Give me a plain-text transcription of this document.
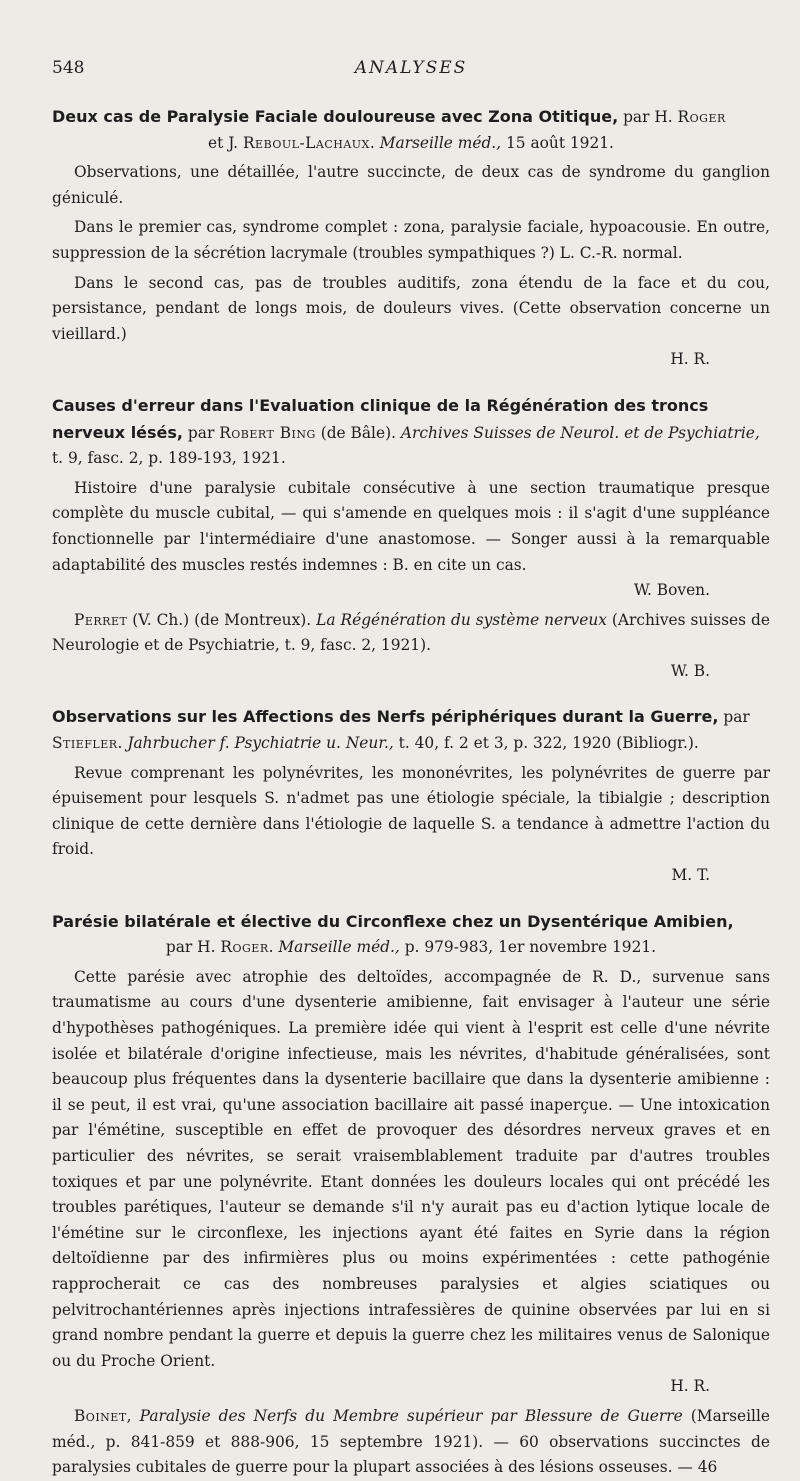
548	ANALYSES
Deux cas de Paralysie Faciale douloureuse avec Zona Otitique, par H. Roger
et J. Reboul-Lachaux. Marseille méd., 15 août 1921.

Observations, une détaillée, l'autre succincte, de deux cas de syndrome du ganglion géniculé.

Dans le premier cas, syndrome complet : zona, paralysie faciale, hypoacousie. En outre, suppression de la sécrétion lacrymale (troubles sympathiques ?) L. C.-R. normal.

Dans le second cas, pas de troubles auditifs, zona étendu de la face et du cou, persistance, pendant de longs mois, de douleurs vives. (Cette observation concerne un vieillard.)

H. R.
Causes d'erreur dans l'Evaluation clinique de la Régénération des troncs nerveux lésés, par Robert Bing (de Bâle). Archives Suisses de Neurol. et de Psychiatrie, t. 9, fasc. 2, p. 189-193, 1921.

Histoire d'une paralysie cubitale consécutive à une section traumatique presque complète du muscle cubital, — qui s'amende en quelques mois : il s'agit d'une suppléance fonctionnelle par l'intermédiaire d'une anastomose. — Songer aussi à la remarquable adaptabilité des muscles restés indemnes : B. en cite un cas.

W. Boven.

Perret (V. Ch.) (de Montreux). La Régénération du système nerveux (Archives suisses de Neurologie et de Psychiatrie, t. 9, fasc. 2, 1921).

W. B.
Observations sur les Affections des Nerfs périphériques durant la Guerre, par Stiefler. Jahrbucher f. Psychiatrie u. Neur., t. 40, f. 2 et 3, p. 322, 1920 (Bibliogr.).

Revue comprenant les polynévrites, les mononévrites, les polynévrites de guerre par épuisement pour lesquels S. n'admet pas une étiologie spéciale, la tibialgie ; description clinique de cette dernière dans l'étiologie de laquelle S. a tendance à admettre l'action du froid.

M. T.
Parésie bilatérale et élective du Circonflexe chez un Dysentérique Amibien,
par H. Roger. Marseille méd., p. 979-983, 1er novembre 1921.

Cette parésie avec atrophie des deltoïdes, accompagnée de R. D., survenue sans traumatisme au cours d'une dysenterie amibienne, fait envisager à l'auteur une série d'hypothèses pathogéniques. La première idée qui vient à l'esprit est celle d'une névrite isolée et bilatérale d'origine infectieuse, mais les névrites, d'habitude généralisées, sont beaucoup plus fréquentes dans la dysenterie bacillaire que dans la dysenterie amibienne : il se peut, il est vrai, qu'une association bacillaire ait passé inaperçue. — Une intoxication par l'émétine, susceptible en effet de provoquer des désordres nerveux graves et en particulier des névrites, se serait vraisemblablement traduite par d'autres troubles toxiques et par une polynévrite. Etant données les douleurs locales qui ont précédé les troubles parétiques, l'auteur se demande s'il n'y aurait pas eu d'action lytique locale de l'émétine sur le circonflexe, les injections ayant été faites en Syrie dans la région deltoïdienne par des infirmières plus ou moins expérimentées : cette pathogénie rapprocherait ce cas des nombreuses paralysies et algies sciatiques ou pelvitrochantériennes après injections intrafessières de quinine observées par lui en si grand nombre pendant la guerre et depuis la guerre chez les militaires venus de Salonique ou du Proche Orient.

H. R.

Boinet, Paralysie des Nerfs du Membre supérieur par Blessure de Guerre (Marseille méd., p. 841-859 et 888-906, 15 septembre 1921). — 60 observations succinctes de paralysies cubitales de guerre pour la plupart associées à des lésions osseuses. — 46
